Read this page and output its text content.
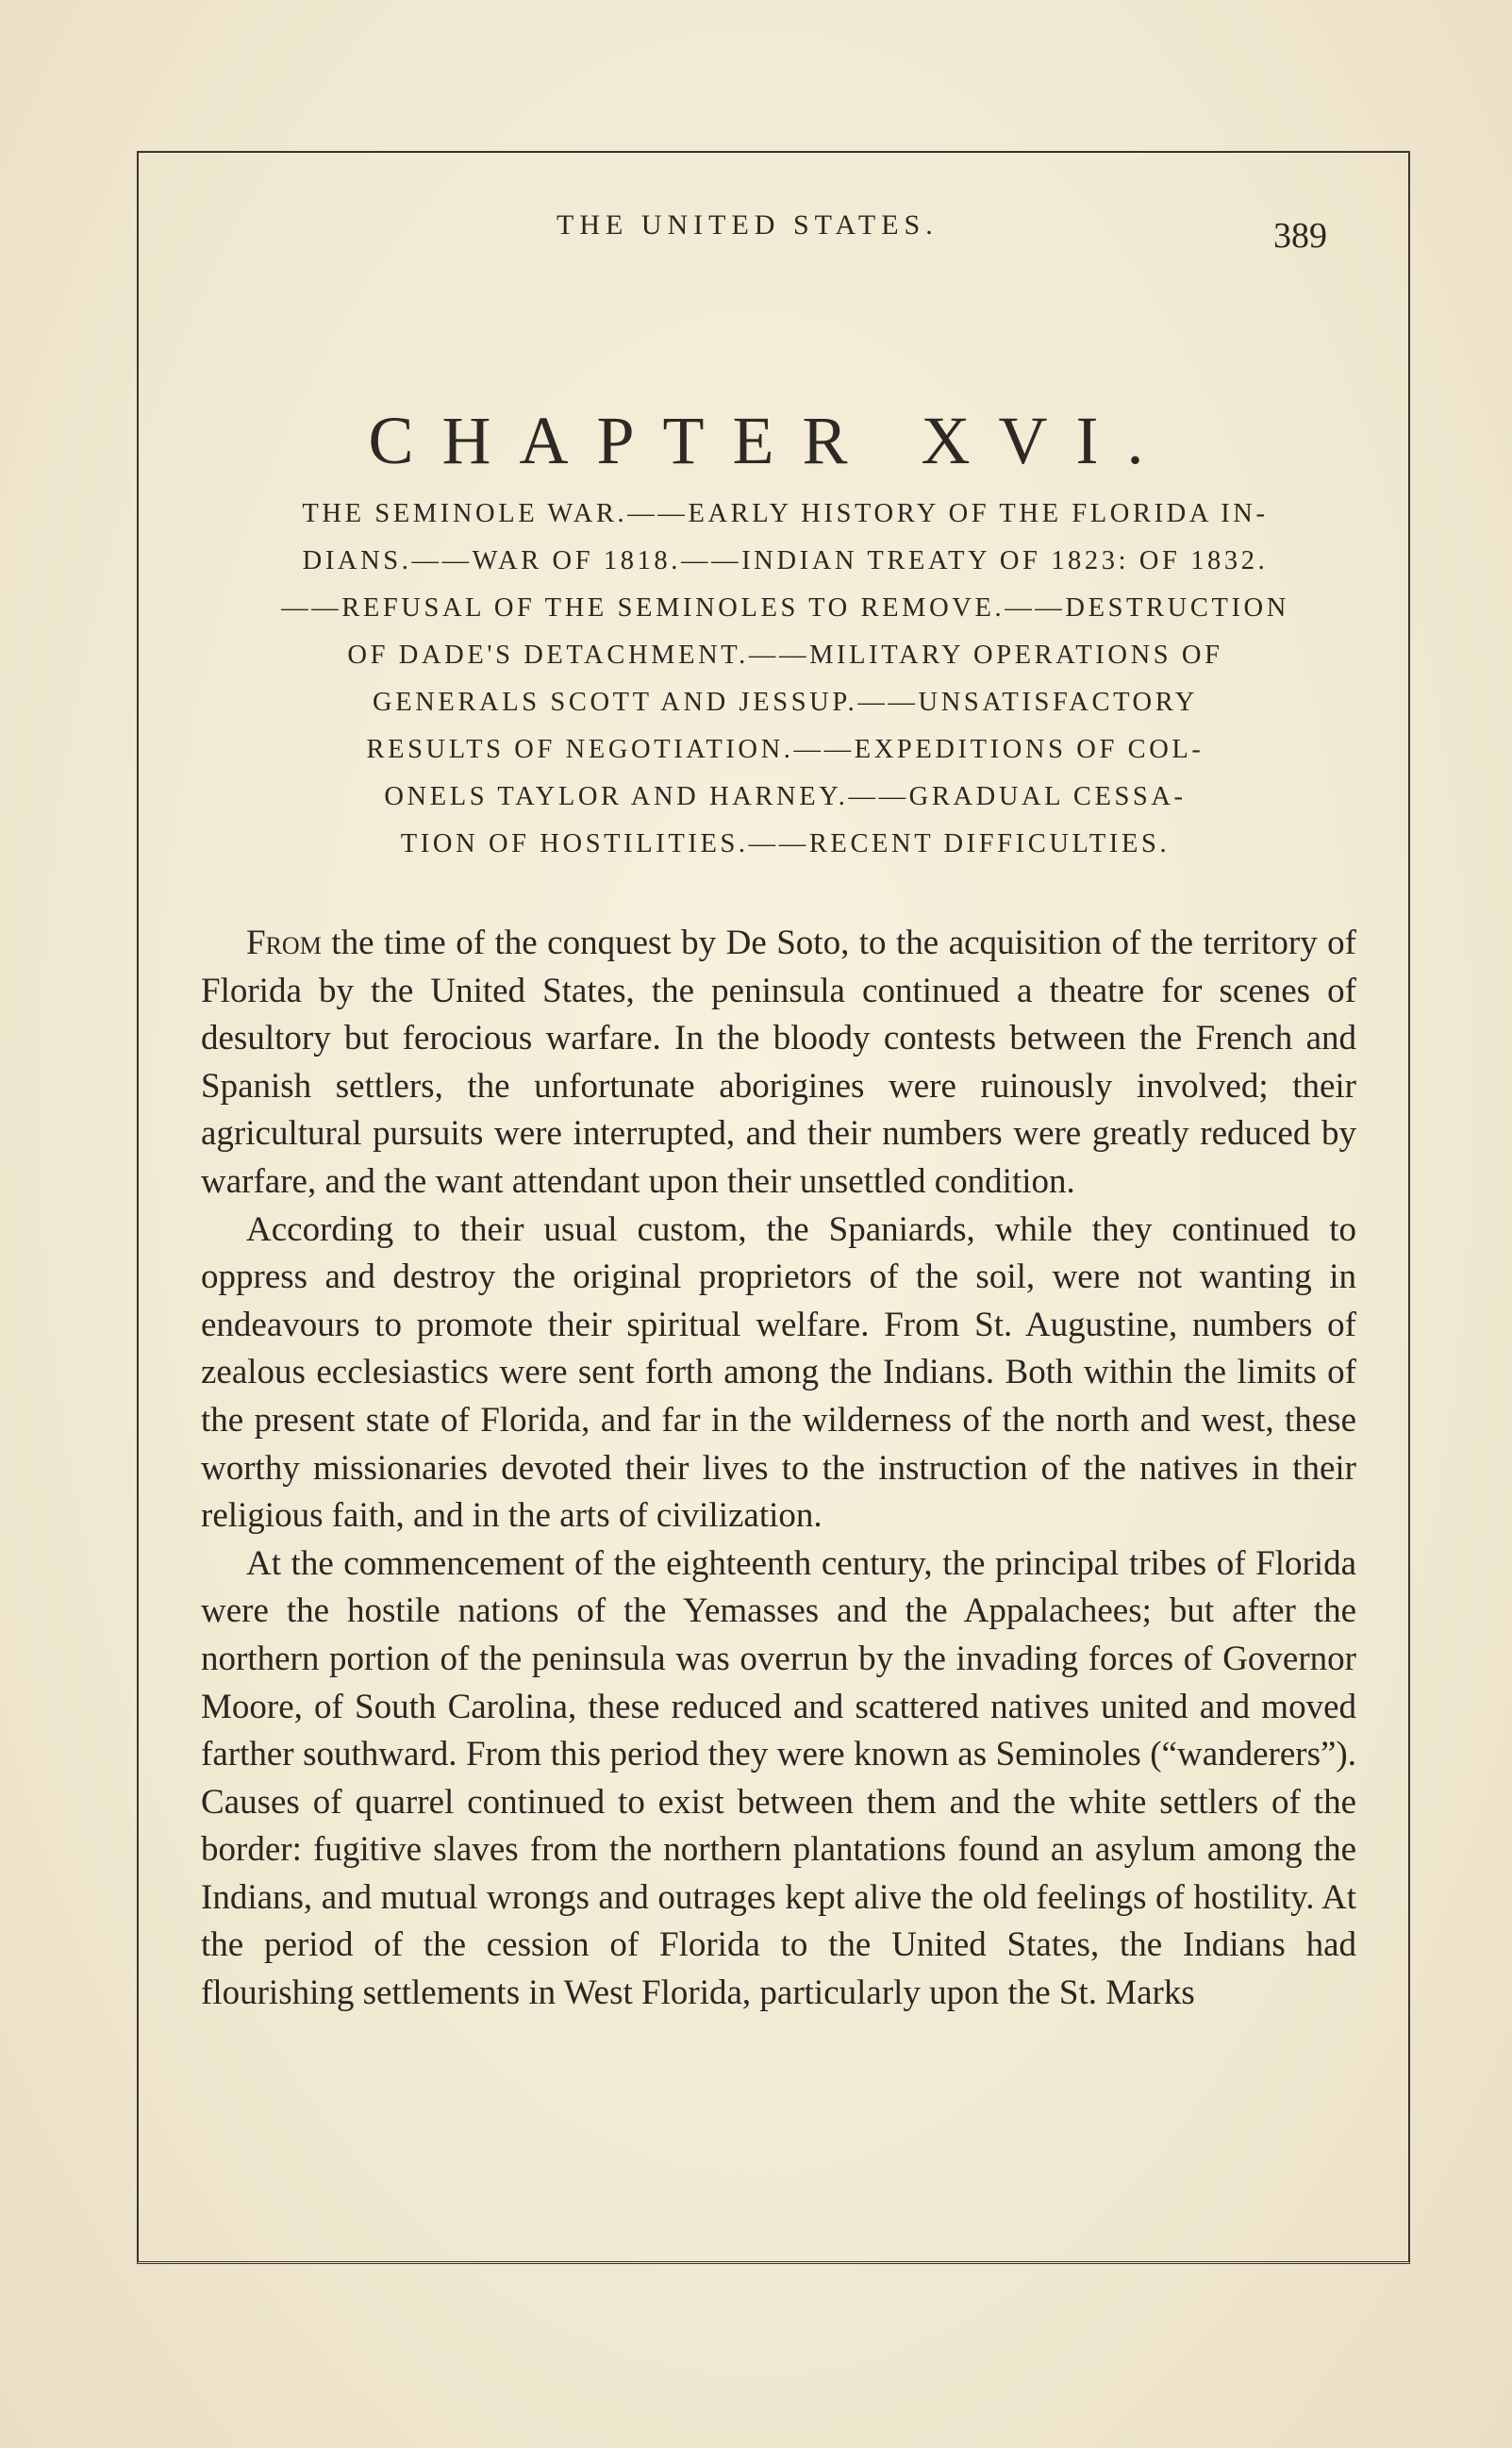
THE UNITED STATES.	389
CHAPTER XVI.
THE SEMINOLE WAR.——EARLY HISTORY OF THE FLORIDA IN-
DIANS.——WAR OF 1818.——INDIAN TREATY OF 1823: OF 1832.
——REFUSAL OF THE SEMINOLES TO REMOVE.——DESTRUCTION
OF DADE'S DETACHMENT.——MILITARY OPERATIONS OF
GENERALS SCOTT AND JESSUP.——UNSATISFACTORY
RESULTS OF NEGOTIATION.——EXPEDITIONS OF COL-
ONELS TAYLOR AND HARNEY.——GRADUAL CESSA-
TION OF HOSTILITIES.——RECENT DIFFICULTIES.

From the time of the conquest by De Soto, to the acquisition of the territory of Florida by the United States, the peninsula continued a theatre for scenes of desultory but ferocious warfare. In the bloody contests between the French and Spanish settlers, the unfortunate aborigines were ruinously involved; their agricultural pursuits were interrupted, and their numbers were greatly reduced by warfare, and the want attendant upon their unsettled condition.

According to their usual custom, the Spaniards, while they continued to oppress and destroy the original proprietors of the soil, were not wanting in endeavours to promote their spiritual welfare. From St. Augustine, numbers of zealous ecclesiastics were sent forth among the Indians. Both within the limits of the present state of Florida, and far in the wilderness of the north and west, these worthy missionaries devoted their lives to the instruction of the natives in their religious faith, and in the arts of civilization.

At the commencement of the eighteenth century, the principal tribes of Florida were the hostile nations of the Yemasses and the Appalachees; but after the northern portion of the peninsula was overrun by the invading forces of Governor Moore, of South Carolina, these reduced and scattered natives united and moved farther southward. From this period they were known as Seminoles (“wanderers”). Causes of quarrel continued to exist between them and the white settlers of the border: fugitive slaves from the northern plantations found an asylum among the Indians, and mutual wrongs and outrages kept alive the old feelings of hostility. At the period of the cession of Florida to the United States, the Indians had flourishing settlements in West Florida, particularly upon the St. Marks
